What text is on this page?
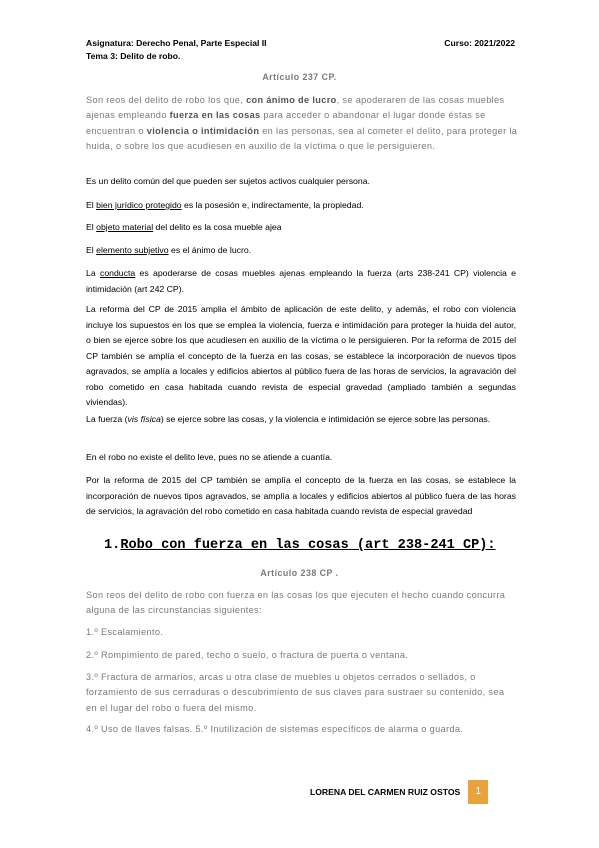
Asignatura: Derecho Penal, Parte Especial II
Tema 3: Delito de robo.
Curso: 2021/2022
Artículo 237 CP.
Son reos del delito de robo los que, con ánimo de lucro, se apoderaren de las cosas muebles ajenas empleando fuerza en las cosas para acceder o abandonar el lugar donde éstas se encuentran o violencia o intimidación en las personas, sea al cometer el delito, para proteger la huida, o sobre los que acudiesen en auxilio de la víctima o que le persiguieren.
Es un delito común del que pueden ser sujetos activos cualquier persona.
El bien jurídico protegido es la posesión e, indirectamente, la propiedad.
El objeto material del delito es la cosa mueble ajea
El elemento subjetivo es el ánimo de lucro.
La conducta es apoderarse de cosas muebles ajenas empleando la fuerza (arts 238-241 CP) violencia e intimidación (art 242 CP).
La reforma del CP de 2015 amplia el ámbito de aplicación de este delito, y además, el robo con violencia incluye los supuestos en los que se emplea la violencia, fuerza e intimidación para proteger la huida del autor, o bien se ejerce sobre los que acudiesen en auxilio de la víctima o le persiguieren. Por la reforma de 2015 del CP también se amplía el concepto de la fuerza en las cosas, se establece la incorporación de nuevos tipos agravados, se amplía a locales y edificios abiertos al público fuera de las horas de servicios, la agravación del robo cometido en casa habitada cuando revista de especial gravedad (ampliado también a segundas viviendas).
La fuerza (vis física) se ejerce sobre las cosas, y la violencia e intimidación se ejerce sobre las personas.
En el robo no existe el delito leve, pues no se atiende a cuantía.
Por la reforma de 2015 del CP también se amplía el concepto de la fuerza en las cosas, se establece la incorporación de nuevos tipos agravados, se amplía a locales y edificios abiertos al público fuera de las horas de servicios, la agravación del robo cometido en casa habitada cuando revista de especial gravedad
1.Robo con fuerza en las cosas (art 238-241 CP):
Artículo 238 CP .
Son reos del delito de robo con fuerza en las cosas los que ejecuten el hecho cuando concurra alguna de las circunstancias siguientes:
1.º Escalamiento.
2.º Rompimiento de pared, techo o suelo, o fractura de puerta o ventana.
3.º Fractura de armarios, arcas u otra clase de muebles u objetos cerrados o sellados, o forzamiento de sus cerraduras o descubrimiento de sus claves para sustraer su contenido, sea en el lugar del robo o fuera del mismo.
4.º Uso de llaves falsas. 5.º Inutilización de sistemas específicos de alarma o guarda.
LORENA DEL CARMEN RUIZ OSTOS	1
